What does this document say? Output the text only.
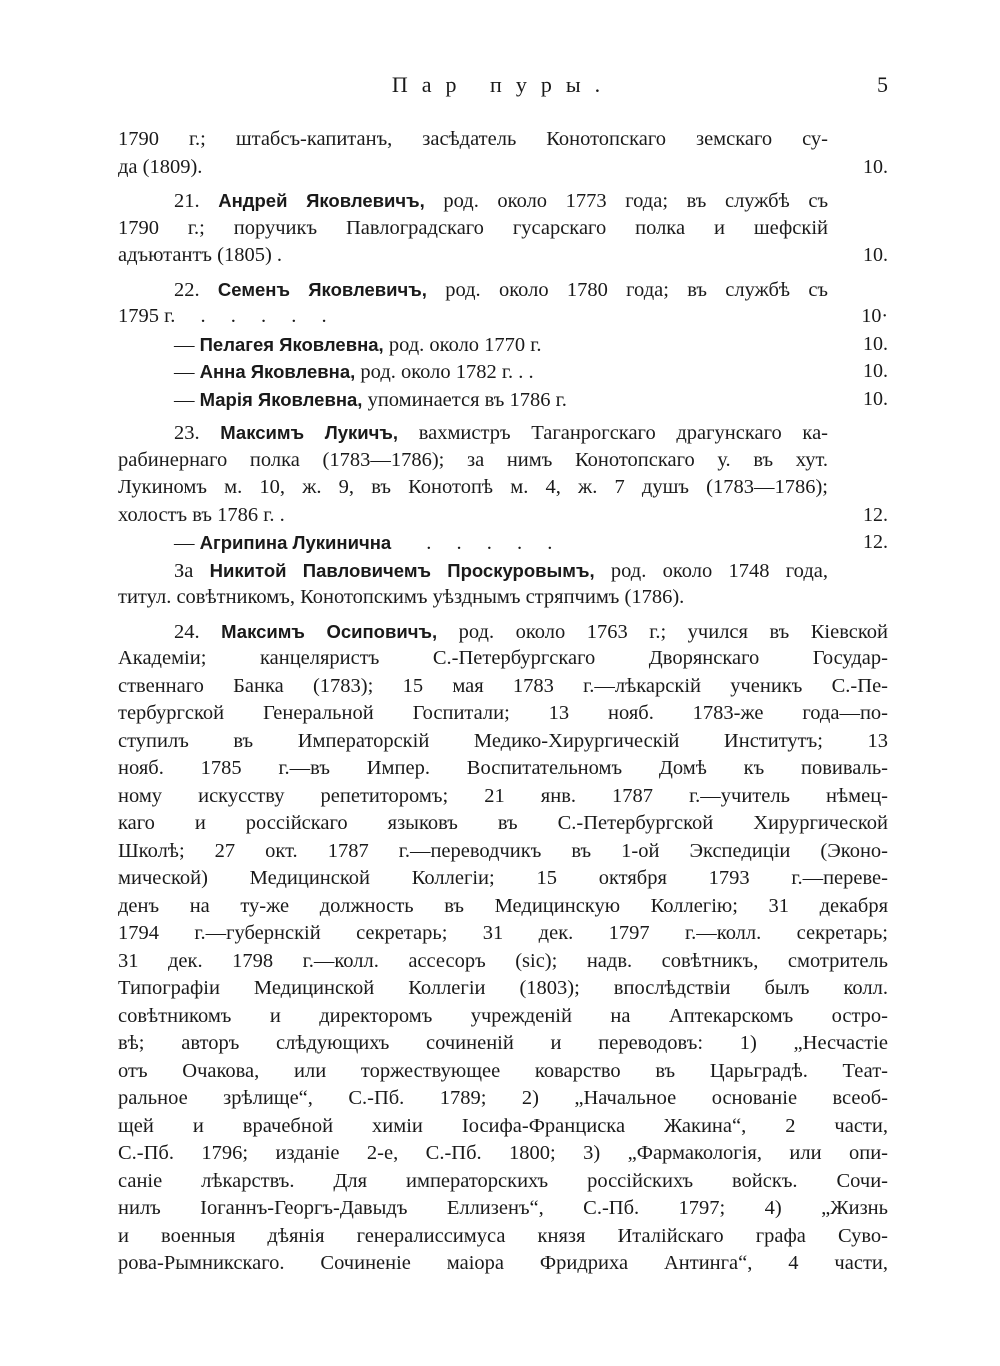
Пар пуры.	5
1790 г.; штабсъ-капитанъ, засѣдатель Конотопскаго земскаго су-
да (1809).	10.
21. Андрей Яковлевичъ, род. около 1773 года; въ службѣ съ
1790 г.; поручикъ Павлоградскаго гусарскаго полка и шефскій
адъютантъ (1805) .	10.
22. Семенъ Яковлевичъ, род. около 1780 года; въ службѣ съ
1795 г. . . . . .	10·
— Пелагея Яковлевна, род. около 1770 г.	10.
— Анна Яковлевна, род. около 1782 г. . .	10.
— Марія Яковлевна, упоминается въ 1786 г.	10.
23. Максимъ Лукичъ, вахмистръ Таганрогскаго драгунскаго ка-
рабинернаго полка (1783—1786); за нимъ Конотопскаго у. въ хут.
Лукиномъ м. 10, ж. 9, въ Конотопѣ м. 4, ж. 7 душъ (1783—1786);
холостъ въ 1786 г. .	12.
— Агрипина Лукинична . . . . .	12.
За Никитой Павловичемъ Проскуровымъ, род. около 1748 года,
титул. совѣтникомъ, Конотопскимъ уѣзднымъ стряпчимъ (1786).
24. Максимъ Осиповичъ, род. около 1763 г.; учился въ Кіевской
Академіи; канцеляристъ С.-Петербургскаго Дворянскаго Государ-
ственнаго Банка (1783); 15 мая 1783 г.—лѣкарскій ученикъ С.-Пе-
тербургской Генеральной Госпитали; 13 нояб. 1783-же года—по-
ступилъ въ Императорскій Медико-Хирургическій Институтъ; 13
нояб. 1785 г.—въ Импер. Воспитательномъ Домѣ къ повиваль-
ному искусству репетиторомъ; 21 янв. 1787 г.—учитель нѣмец-
каго и россійскаго языковъ въ С.-Петербургской Хирургической
Школѣ; 27 окт. 1787 г.—переводчикъ въ 1-ой Экспедиціи (Эконо-
мической) Медицинской Коллегіи; 15 октября 1793 г.—переве-
денъ на ту-же должность въ Медицинскую Коллегію; 31 декабря
1794 г.—губернскій секретарь; 31 дек. 1797 г.—колл. секретарь;
31 дек. 1798 г.—колл. ассесоръ (sic); надв. совѣтникъ, смотритель
Типографіи Медицинской Коллегіи (1803); впослѣдствіи былъ колл.
совѣтникомъ и директоромъ учрежденій на Аптекарскомъ остро-
вѣ; авторъ слѣдующихъ сочиненій и переводовъ: 1) „Несчастіе
отъ Очакова, или торжествующее коварство въ Царьградѣ. Теат-
ральное зрѣлище“, С.-Пб. 1789; 2) „Начальное основаніе всеоб-
щей и врачебной химіи Іосифа-Франциска Жакина“, 2 части,
С.-Пб. 1796; изданіе 2-е, С.-Пб. 1800; 3) „Фармакологія, или опи-
саніе лѣкарствъ. Для императорскихъ россійскихъ войскъ. Сочи-
нилъ Іоганнъ-Георгъ-Давыдъ Еллизенъ“, С.-Пб. 1797; 4) „Жизнь
и военныя дѣянія генералиссимуса князя Италійскаго графа Суво-
рова-Рымникскаго. Сочиненіе маіора Фридриха Антинга“, 4 части,
